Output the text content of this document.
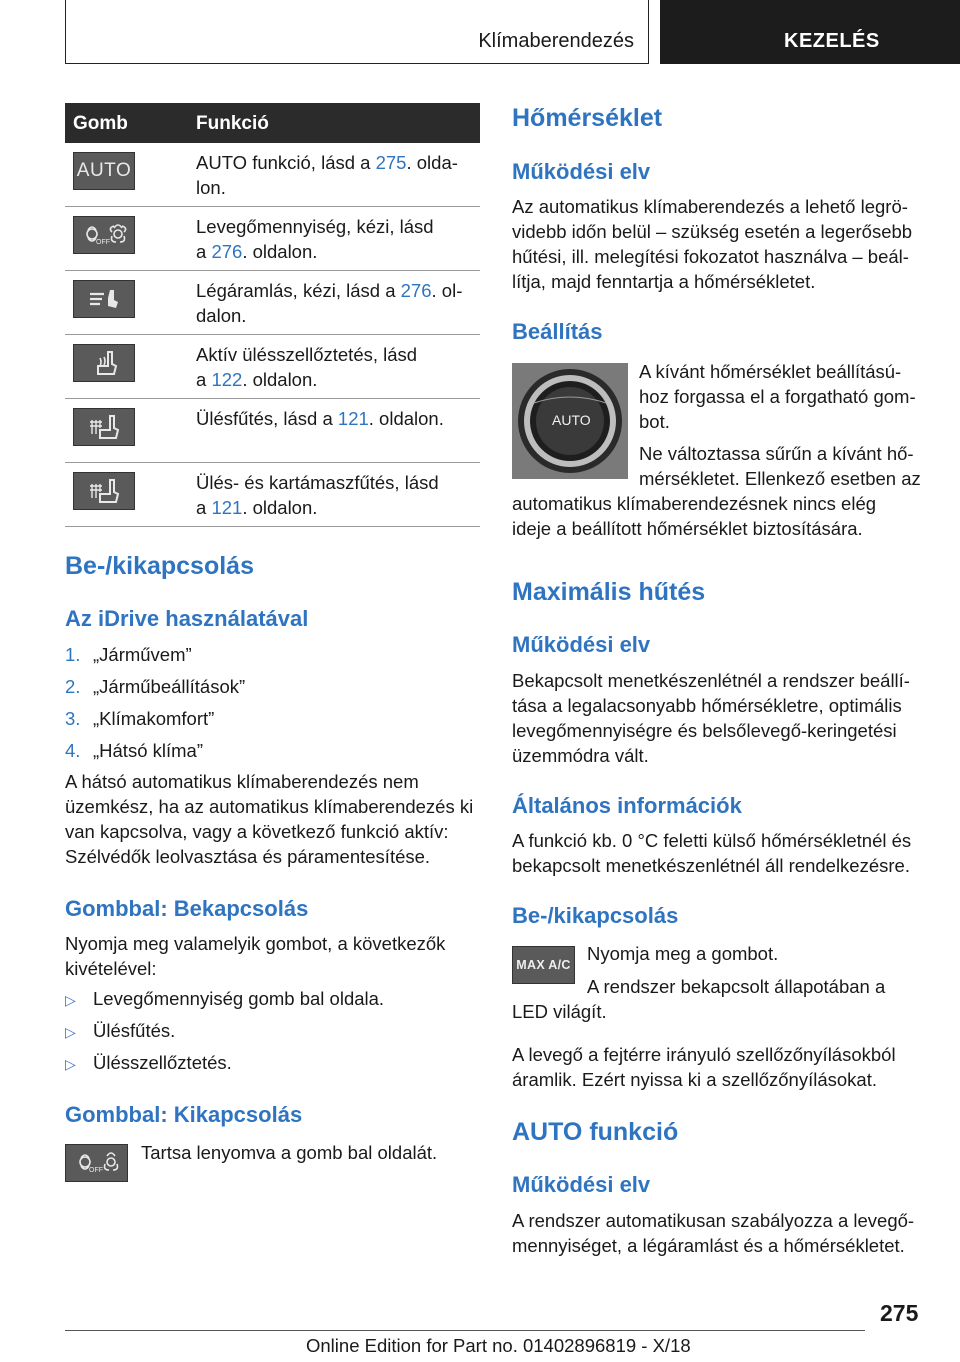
Klímaberendezés	KEZELÉS
Gomb	Funkció
AUTO	AUTO funkció, lásd a 275. olda-
lon.
OFF
Levegőmennyiség, kézi, lásd
a 276. oldalon.
Légáramlás, kézi, lásd a 276. ol-
dalon.
Aktív ülésszellőztetés, lásd
a 122. oldalon.
Ülésfűtés, lásd a 121. oldalon.
Ülés- és kartámaszfűtés, lásd
a 121. oldalon.
Be-/kikapcsolás
Az iDrive használatával
1. „Járművem”
2. „Járműbeállítások”
3. „Klímakomfort”
4. „Hátsó klíma”
A hátsó automatikus klímaberendezés nem
üzemkész, ha az automatikus klímaberendezés ki
van kapcsolva, vagy a következő funkció aktív:
Szélvédők leolvasztása és páramentesítése.
Gombbal: Bekapcsolás
Nyomja meg valamelyik gombot, a következők
kivételével:
▷ Levegőmennyiség gomb bal oldala.
▷ Ülésfűtés.
▷ Ülésszellőztetés.
Gombbal: Kikapcsolás
OFF
Tartsa lenyomva a gomb bal oldalát.
Hőmérséklet
Működési elv
Az automatikus klímaberendezés a lehető legrö-
videbb időn belül – szükség esetén a legerősebb
hűtési, ill. melegítési fokozatot használva – beál-
lítja, majd fenntartja a hőmérsékletet.
Beállítás
AUTO
A kívánt hőmérséklet beállítású-
hoz forgassa el a forgatható gom-
bot.
Ne változtassa sűrűn a kívánt hő-
mérsékletet. Ellenkező esetben az
automatikus klímaberendezésnek nincs elég
ideje a beállított hőmérséklet biztosítására.
Maximális hűtés
Működési elv
Bekapcsolt menetkészenlétnél a rendszer beállí-
tása a legalacsonyabb hőmérsékletre, optimális
levegőmennyiségre és belsőlevegő-keringetési
üzemmódra vált.
Általános információk
A funkció kb. 0 °C feletti külső hőmérsékletnél és
bekapcsolt menetkészenlétnél áll rendelkezésre.
Be-/kikapcsolás
MAX A/C
Nyomja meg a gombot.
A rendszer bekapcsolt állapotában a
LED világít.
A levegő a fejtérre irányuló szellőzőnyílásokból
áramlik. Ezért nyissa ki a szellőzőnyílásokat.
AUTO funkció
Működési elv
A rendszer automatikusan szabályozza a levegő-
mennyiséget, a légáramlást és a hőmérsékletet.
275
Online Edition for Part no. 01402896819 - X/18
